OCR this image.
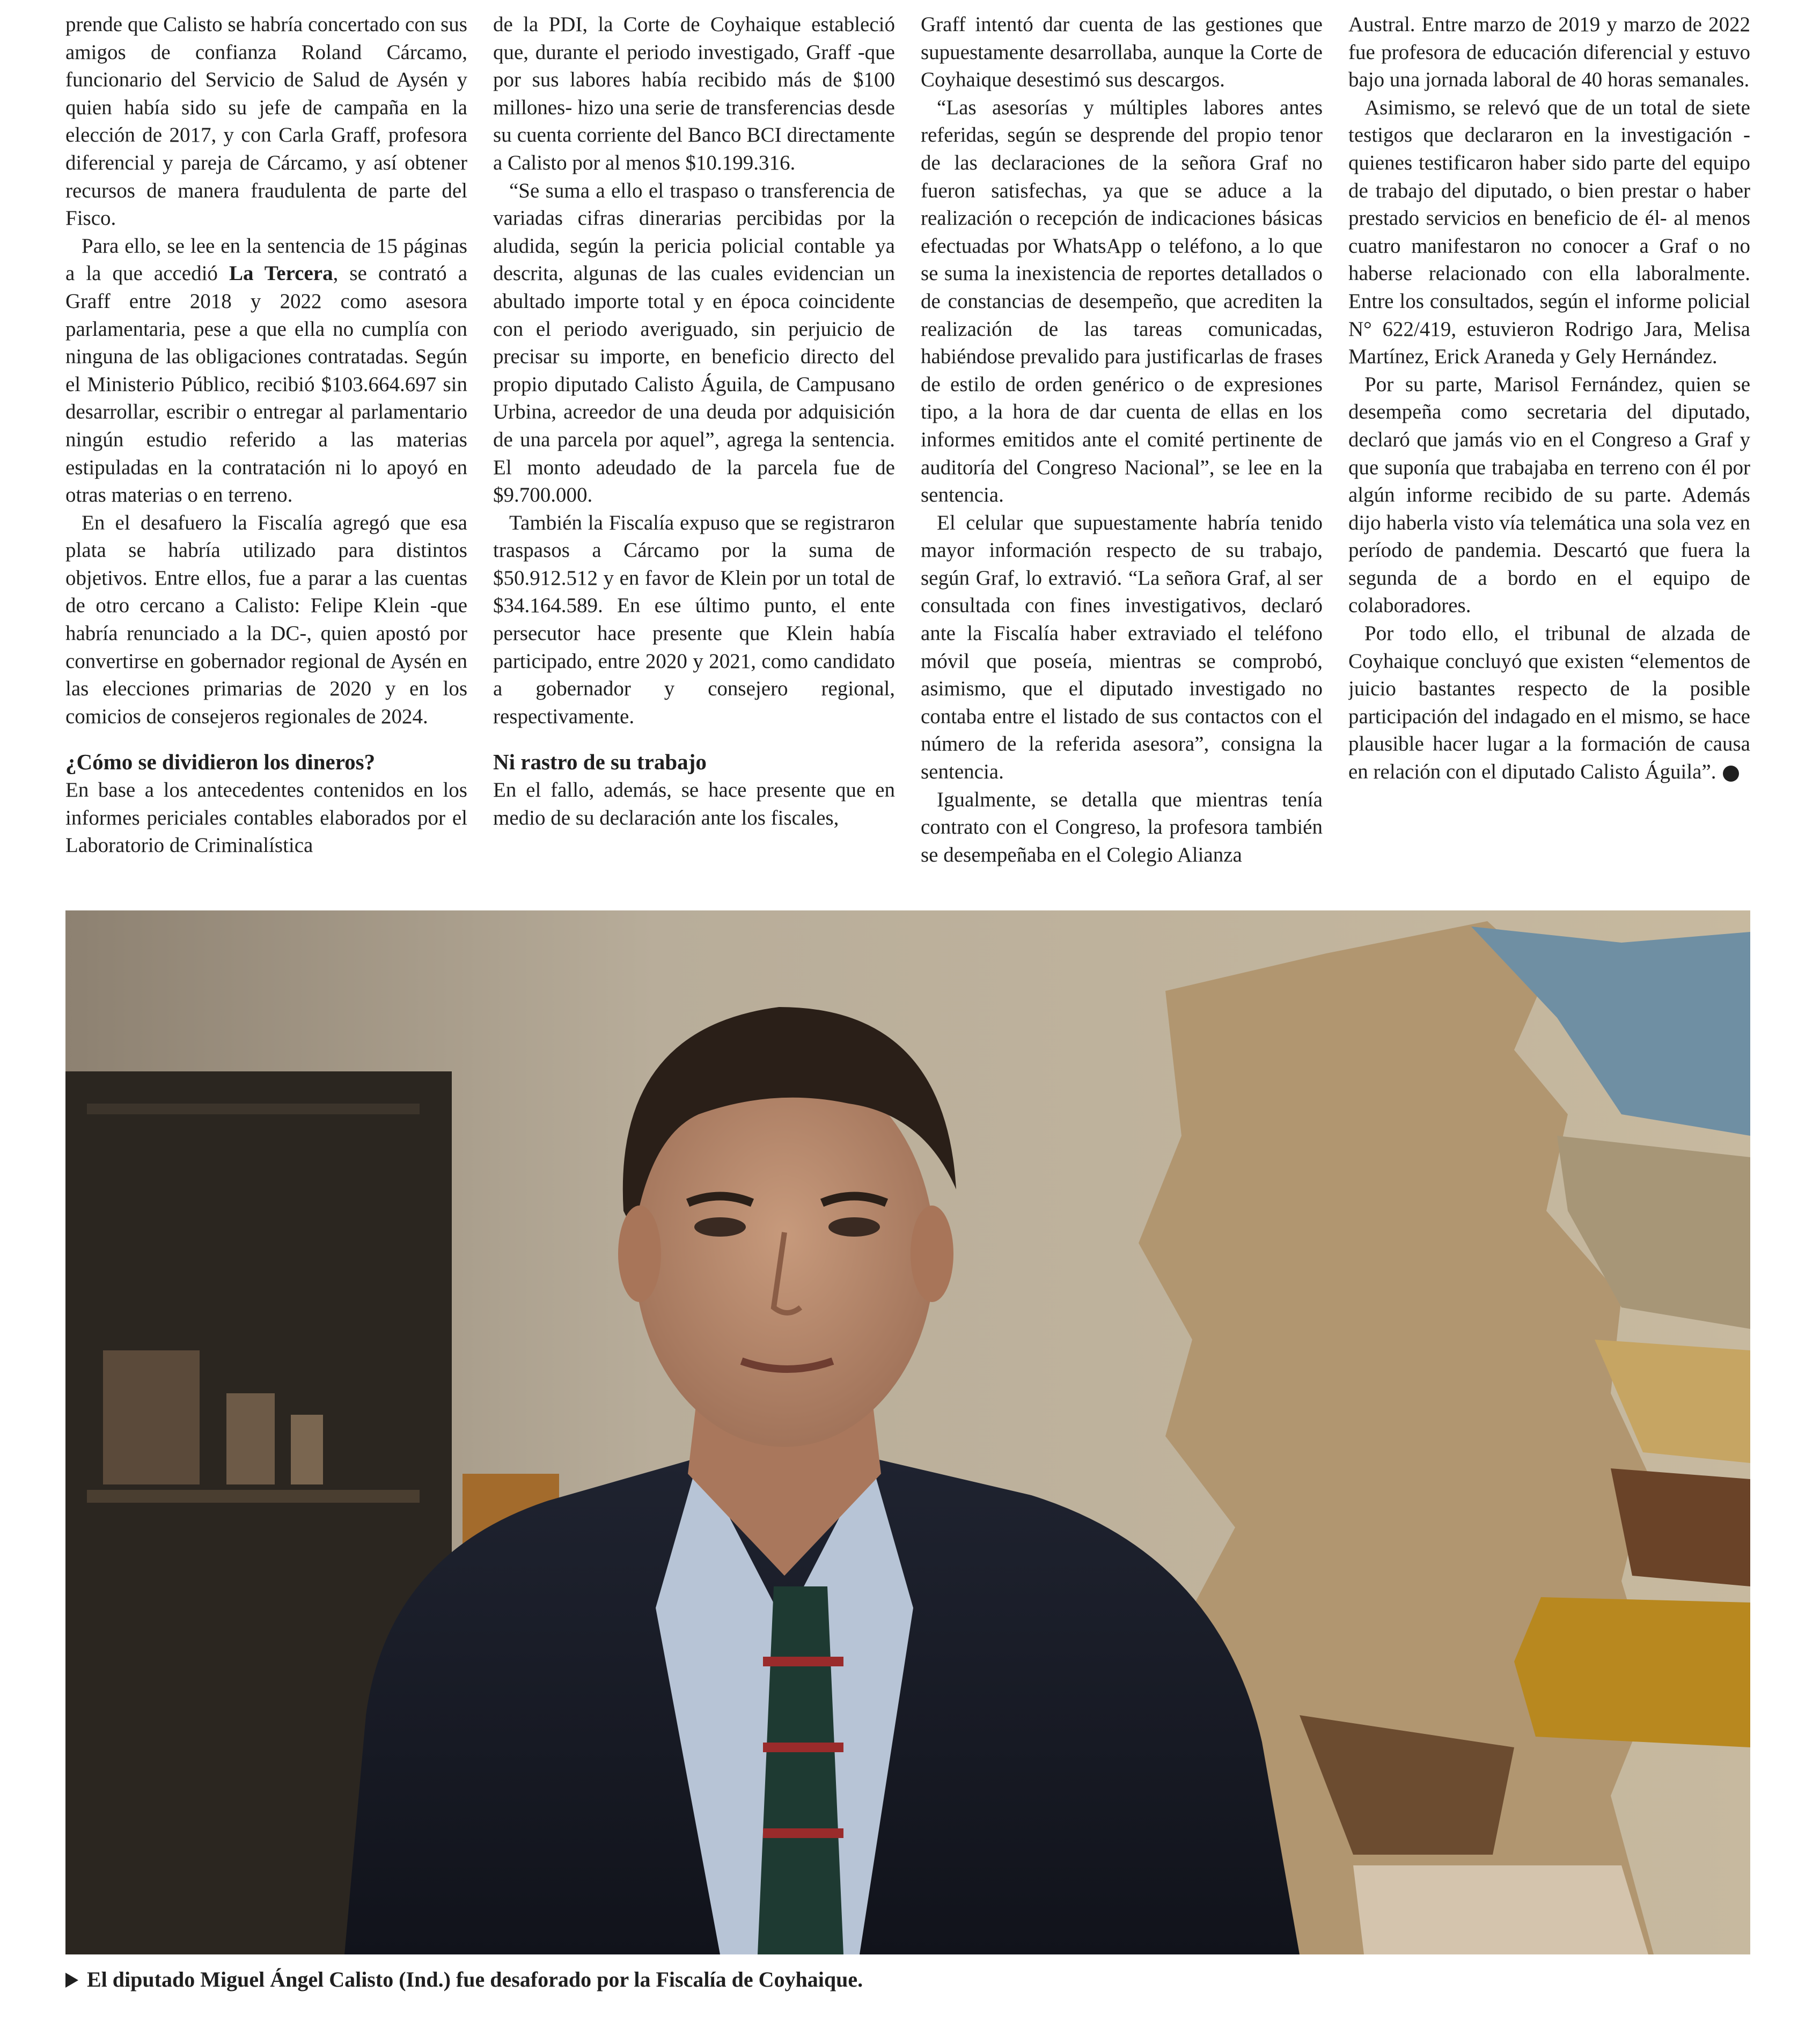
prende que Calisto se habría concertado con sus amigos de confianza Roland Cárcamo, funcionario del Servicio de Salud de Aysén y quien había sido su jefe de campaña en la elección de 2017, y con Carla Graff, profesora diferencial y pareja de Cárcamo, y así obtener recursos de manera fraudulenta de parte del Fisco.

Para ello, se lee en la sentencia de 15 páginas a la que accedió La Tercera, se contrató a Graff entre 2018 y 2022 como asesora parlamentaria, pese a que ella no cumplía con ninguna de las obligaciones contratadas. Según el Ministerio Público, recibió $103.664.697 sin desarrollar, escribir o entregar al parlamentario ningún estudio referido a las materias estipuladas en la contratación ni lo apoyó en otras materias o en terreno.

En el desafuero la Fiscalía agregó que esa plata se habría utilizado para distintos objetivos. Entre ellos, fue a parar a las cuentas de otro cercano a Calisto: Felipe Klein -que habría renunciado a la DC-, quien apostó por convertirse en gobernador regional de Aysén en las elecciones primarias de 2020 y en los comicios de consejeros regionales de 2024.

¿Cómo se dividieron los dineros?

En base a los antecedentes contenidos en los informes periciales contables elaborados por el Laboratorio de Criminalística

de la PDI, la Corte de Coyhaique estableció que, durante el periodo investigado, Graff -que por sus labores había recibido más de $100 millones- hizo una serie de transferencias desde su cuenta corriente del Banco BCI directamente a Calisto por al menos $10.199.316.

“Se suma a ello el traspaso o transferencia de variadas cifras dinerarias percibidas por la aludida, según la pericia policial contable ya descrita, algunas de las cuales evidencian un abultado importe total y en época coincidente con el periodo averiguado, sin perjuicio de precisar su importe, en beneficio directo del propio diputado Calisto Águila, de Campusano Urbina, acreedor de una deuda por adquisición de una parcela por aquel”, agrega la sentencia. El monto adeudado de la parcela fue de $9.700.000.

También la Fiscalía expuso que se registraron traspasos a Cárcamo por la suma de $50.912.512 y en favor de Klein por un total de $34.164.589. En ese último punto, el ente persecutor hace presente que Klein había participado, entre 2020 y 2021, como candidato a gobernador y consejero regional, respectivamente.

Ni rastro de su trabajo

En el fallo, además, se hace presente que en medio de su declaración ante los fiscales,

Graff intentó dar cuenta de las gestiones que supuestamente desarrollaba, aunque la Corte de Coyhaique desestimó sus descargos.

“Las asesorías y múltiples labores antes referidas, según se desprende del propio tenor de las declaraciones de la señora Graf no fueron satisfechas, ya que se aduce a la realización o recepción de indicaciones básicas efectuadas por WhatsApp o teléfono, a lo que se suma la inexistencia de reportes detallados o de constancias de desempeño, que acrediten la realización de las tareas comunicadas, habiéndose prevalido para justificarlas de frases de estilo de orden genérico o de expresiones tipo, a la hora de dar cuenta de ellas en los informes emitidos ante el comité pertinente de auditoría del Congreso Nacional”, se lee en la sentencia.

El celular que supuestamente habría tenido mayor información respecto de su trabajo, según Graf, lo extravió. “La señora Graf, al ser consultada con fines investigativos, declaró ante la Fiscalía haber extraviado el teléfono móvil que poseía, mientras se comprobó, asimismo, que el diputado investigado no contaba entre el listado de sus contactos con el número de la referida asesora”, consigna la sentencia.

Igualmente, se detalla que mientras tenía contrato con el Congreso, la profesora también se desempeñaba en el Colegio Alianza

Austral. Entre marzo de 2019 y marzo de 2022 fue profesora de educación diferencial y estuvo bajo una jornada laboral de 40 horas semanales.

Asimismo, se relevó que de un total de siete testigos que declararon en la investigación -quienes testificaron haber sido parte del equipo de trabajo del diputado, o bien prestar o haber prestado servicios en beneficio de él- al menos cuatro manifestaron no conocer a Graf o no haberse relacionado con ella laboralmente. Entre los consultados, según el informe policial N° 622/419, estuvieron Rodrigo Jara, Melisa Martínez, Erick Araneda y Gely Hernández.

Por su parte, Marisol Fernández, quien se desempeña como secretaria del diputado, declaró que jamás vio en el Congreso a Graf y que suponía que trabajaba en terreno con él por algún informe recibido de su parte. Además dijo haberla visto vía telemática una sola vez en período de pandemia. Descartó que fuera la segunda de a bordo en el equipo de colaboradores.

Por todo ello, el tribunal de alzada de Coyhaique concluyó que existen “elementos de juicio bastantes respecto de la posible participación del indagado en el mismo, se hace plausible hacer lugar a la formación de causa en relación con el diputado Calisto Águila”.

El diputado Miguel Ángel Calisto (Ind.) fue desaforado por la Fiscalía de Coyhaique.
